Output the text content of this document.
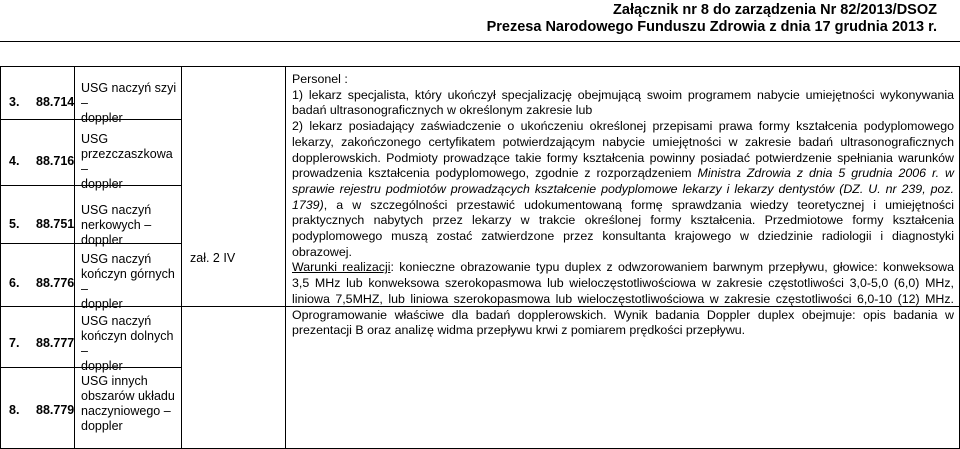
Załącznik nr 8 do zarządzenia Nr 82/2013/DSOZ
Prezesa Narodowego Funduszu Zdrowia z dnia 17 grudnia 2013 r.
3. 88.714
USG naczyń szyi –
doppler
4. 88.716
USG
przezczaszkowa –
doppler
5. 88.751
USG naczyń
nerkowych – doppler
6. 88.776
USG naczyń
kończyn górnych –
doppler
7. 88.777
USG naczyń
kończyn dolnych –
doppler
8. 88.779
USG innych
obszarów układu
naczyniowego –
doppler
zał. 2 IV

Personel :

1) lekarz specjalista, który ukończył specjalizację obejmującą swoim programem nabycie umiejętności wykonywania badań ultrasonograficznych w określonym zakresie lub

2) lekarz posiadający zaświadczenie o ukończeniu określonej przepisami prawa formy kształcenia podyplomowego lekarzy, zakończonego certyfikatem potwierdzającym nabycie umiejętności w zakresie badań ultrasonograficznych dopplerowskich. Podmioty prowadzące takie formy kształcenia powinny posiadać potwierdzenie spełniania warunków prowadzenia kształcenia podyplomowego, zgodnie z rozporządzeniem Ministra Zdrowia z dnia 5 grudnia 2006 r. w sprawie rejestru podmiotów prowadzących kształcenie podyplomowe lekarzy i lekarzy dentystów (DZ. U. nr 239, poz. 1739), a w szczególności przestawić udokumentowaną formę sprawdzania wiedzy teoretycznej i umiejętności praktycznych nabytych przez lekarzy w trakcie określonej formy kształcenia. Przedmiotowe formy kształcenia podyplomowego muszą zostać zatwierdzone przez konsultanta krajowego w dziedzinie radiologii i diagnostyki obrazowej.

Warunki realizacji: konieczne obrazowanie typu duplex z odwzorowaniem barwnym przepływu, głowice: konweksowa 3,5 MHz lub konweksowa szerokopasmowa lub wieloczęstotliwościowa w zakresie częstotliwości 3,0-5,0 (6,0) MHz, liniowa 7,5MHZ, lub liniowa szerokopasmowa lub wieloczęstotliwościowa w zakresie częstotliwości 6,0-10 (12) MHz. Oprogramowanie właściwe dla badań dopplerowskich. Wynik badania Doppler duplex obejmuje: opis badania w prezentacji B oraz analizę widma przepływu krwi z pomiarem prędkości przepływu.
